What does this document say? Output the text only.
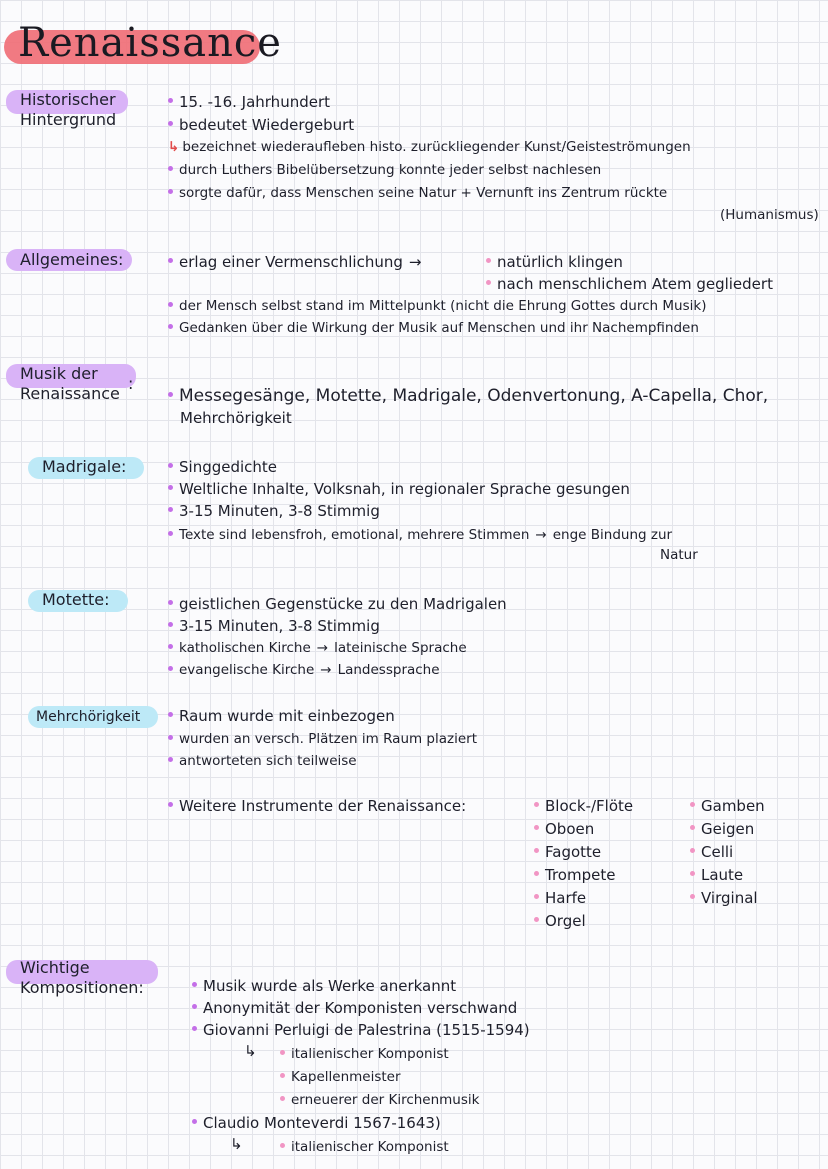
Renaissance
Historischer
Hintergrund
15. -16. Jahrhundert
bedeutet Wiedergeburt
↳ bezeichnet wiederaufleben histo. zurückliegender Kunst/Geisteströmungen
durch Luthers Bibelübersetzung konnte jeder selbst nachlesen
sorgte dafür, dass Menschen seine Natur + Vernunft ins Zentrum rückte
(Humanismus)
Allgemeines:	erlag einer Vermenschlichung →	natürlich klingen
nach menschlichem Atem gegliedert
der Mensch selbst stand im Mittelpunkt (nicht die Ehrung Gottes durch Musik)
Gedanken über die Wirkung der Musik auf Menschen und ihr Nachempfinden
Musik der
Renaissance
:
Messegesänge, Motette, Madrigale, Odenvertonung, A-Capella, Chor,
Mehrchörigkeit
Madrigale:	Singgedichte
Weltliche Inhalte, Volksnah, in regionaler Sprache gesungen
3-15 Minuten, 3-8 Stimmig
Texte sind lebensfroh, emotional, mehrere Stimmen → enge Bindung zur
Natur
Motette:	geistlichen Gegenstücke zu den Madrigalen
3-15 Minuten, 3-8 Stimmig
katholischen Kirche → lateinische Sprache
evangelische Kirche → Landessprache
Mehrchörigkeit	Raum wurde mit einbezogen
wurden an versch. Plätzen im Raum plaziert
antworteten sich teilweise
Weitere Instrumente der Renaissance:	Block-/Flöte
Oboen
Fagotte
Trompete
Harfe
Orgel
Gamben
Geigen
Celli
Laute
Virginal
Wichtige
Kompositionen:	Musik wurde als Werke anerkannt
Anonymität der Komponisten verschwand
Giovanni Perluigi de Palestrina (1515-1594)
↳	italienischer Komponist
Kapellenmeister
erneuerer der Kirchenmusik
Claudio Monteverdi 1567-1643)
↳	italienischer Komponist
